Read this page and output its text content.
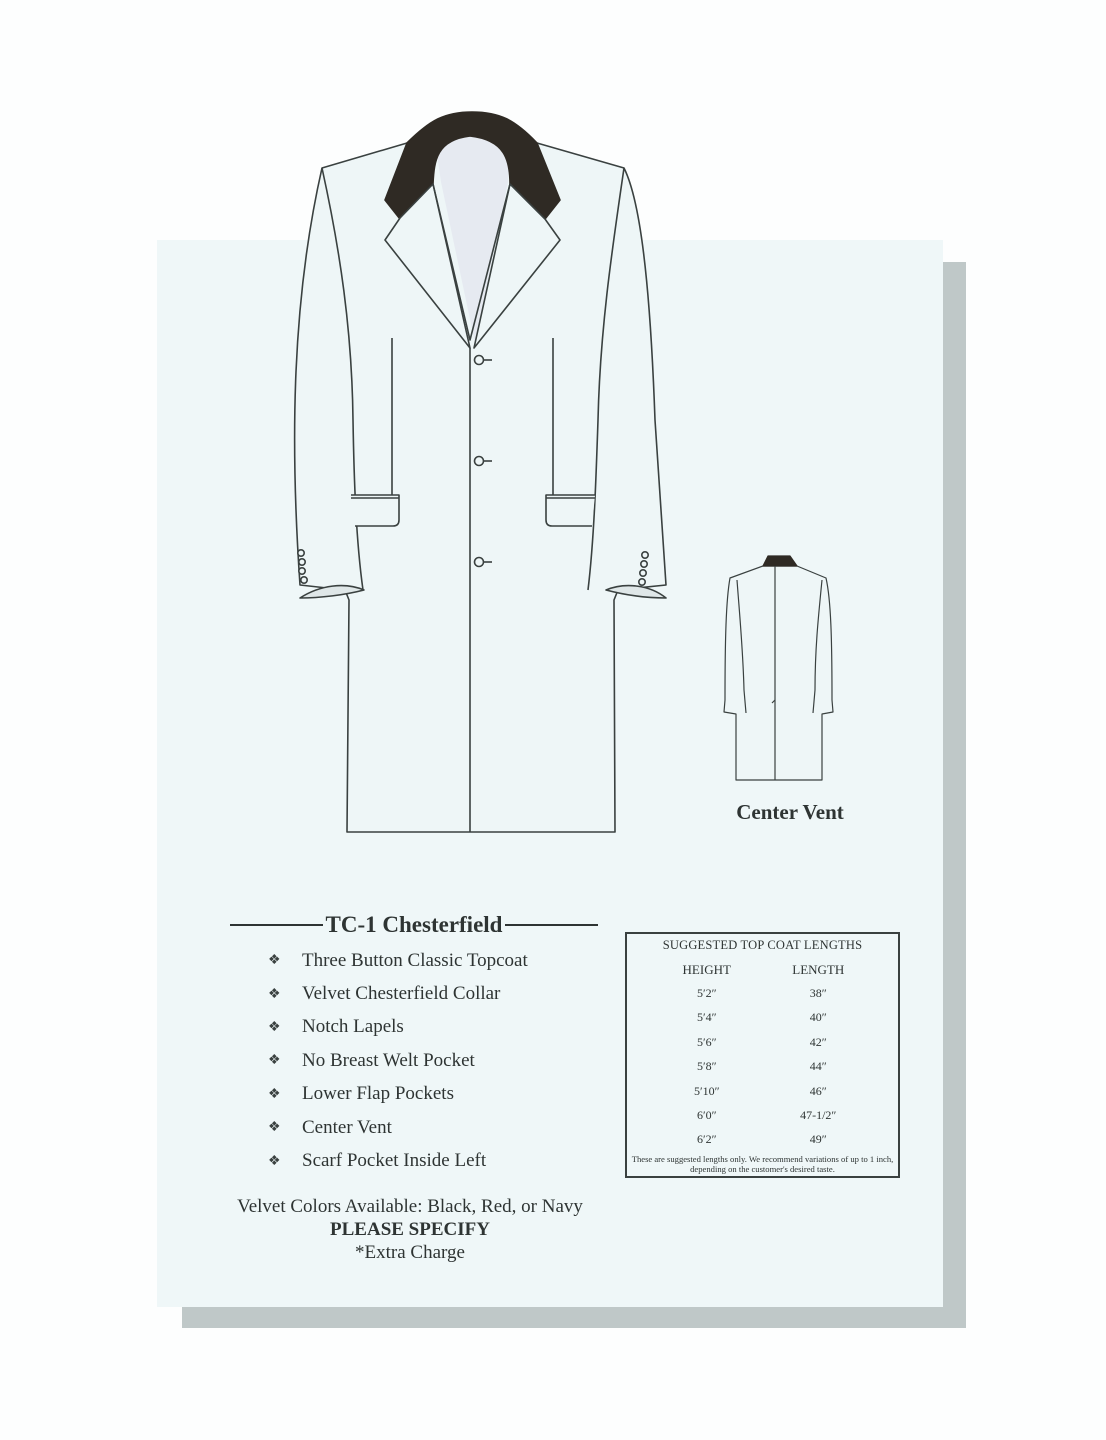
Center Vent
TC-1 Chesterfield
❖	Three Button Classic Topcoat
❖	Velvet Chesterfield Collar
❖	Notch Lapels
❖	No Breast Welt Pocket
❖	Lower Flap Pockets
❖	Center Vent
❖	Scarf Pocket Inside Left
Velvet Colors Available: Black, Red, or Navy
PLEASE SPECIFY
*Extra Charge
SUGGESTED TOP COAT LENGTHS
HEIGHT	LENGTH
5′2″	38″
5′4″	40″
5′6″	42″
5′8″	44″
5′10″	46″
6′0″	47-1/2″
6′2″	49″
These are suggested lengths only. We recommend variations of up to 1 inch, depending on the customer's desired taste.
